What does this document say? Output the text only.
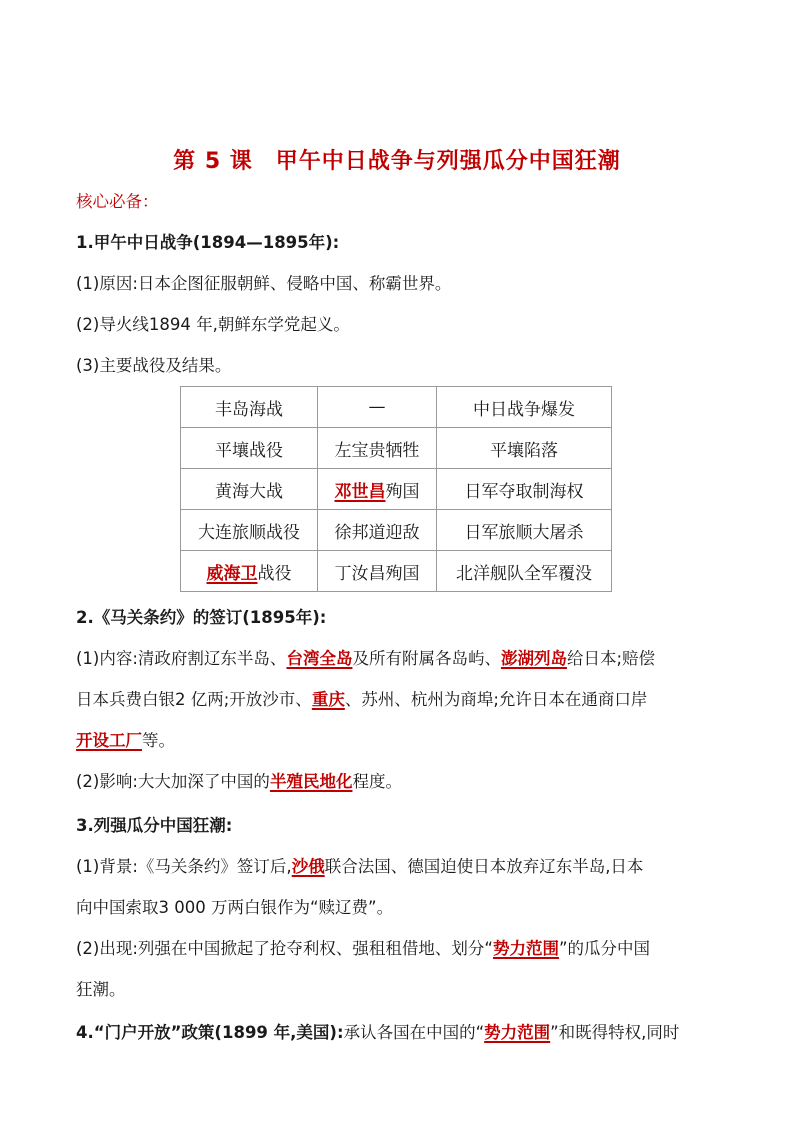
第 5 课　甲午中日战争与列强瓜分中国狂潮
核心必备：
1.甲午中日战争(1894—1895年):
(1)原因:日本企图征服朝鲜、侵略中国、称霸世界。
(2)导火线1894 年,朝鲜东学党起义。
(3)主要战役及结果。
丰岛海战	—	中日战争爆发
平壤战役	左宝贵牺牲	平壤陷落
黄海大战	邓世昌殉国	日军夺取制海权
大连旅顺战役	徐邦道迎敌	日军旅顺大屠杀
威海卫战役	丁汝昌殉国	北洋舰队全军覆没
2.《马关条约》的签订(1895年):
(1)内容:清政府割辽东半岛、台湾全岛及所有附属各岛屿、澎湖列岛给日本;赔偿
日本兵费白银2 亿两;开放沙市、重庆、苏州、杭州为商埠;允许日本在通商口岸
开设工厂等。
(2)影响:大大加深了中国的半殖民地化程度。
3.列强瓜分中国狂潮:
(1)背景:《马关条约》签订后,沙俄联合法国、德国迫使日本放弃辽东半岛,日本
向中国索取3 000 万两白银作为“赎辽费”。
(2)出现:列强在中国掀起了抢夺利权、强租租借地、划分“势力范围”的瓜分中国
狂潮。
4.“门户开放”政策(1899 年,美国):承认各国在中国的“势力范围”和既得特权,同时
